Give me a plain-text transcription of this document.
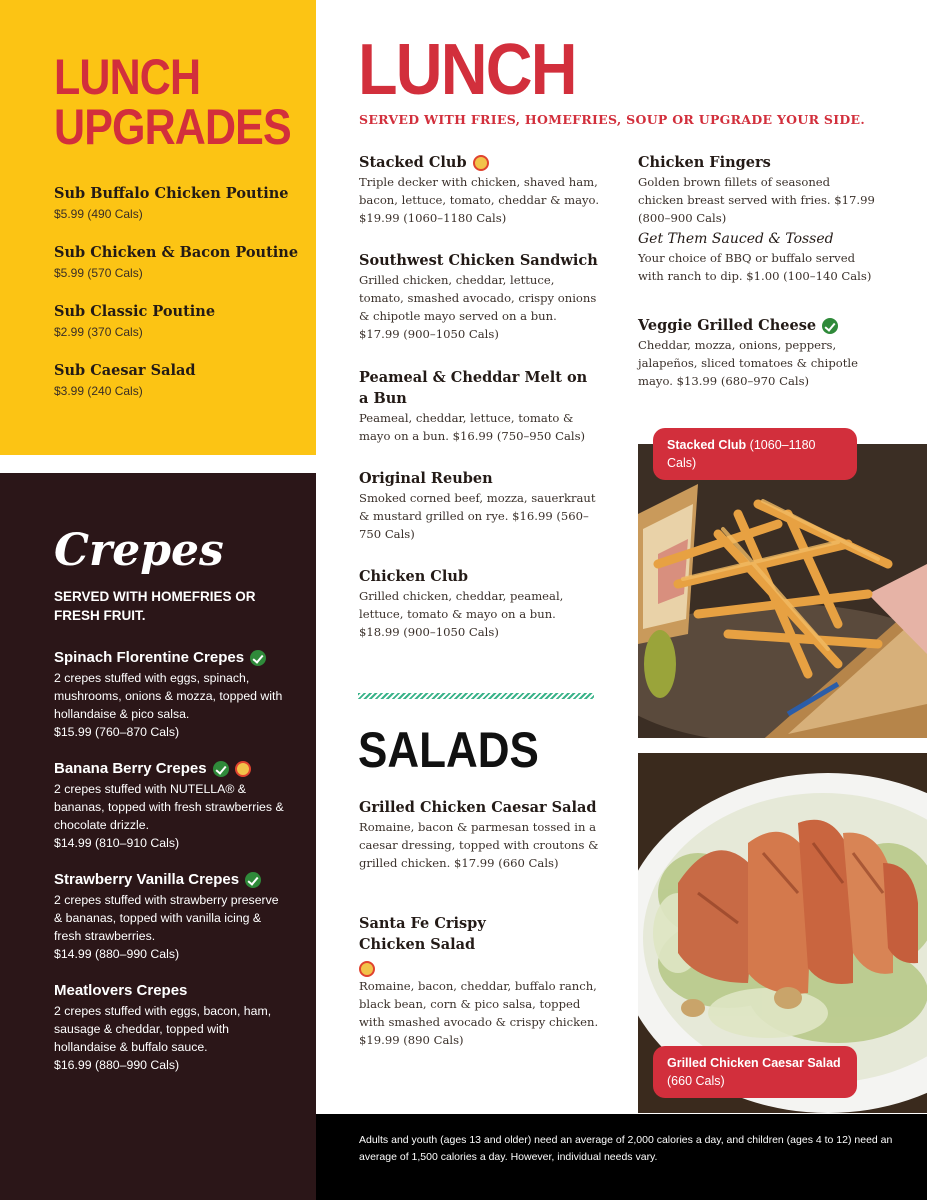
LUNCH UPGRADES
Sub Buffalo Chicken Poutine
$5.99 (490 Cals)
Sub Chicken & Bacon Poutine
$5.99 (570 Cals)
Sub Classic Poutine
$2.99 (370 Cals)
Sub Caesar Salad
$3.99 (240 Cals)
Crepes
SERVED WITH HOMEFRIES OR FRESH FRUIT.
Spinach Florentine Crepes
2 crepes stuffed with eggs, spinach, mushrooms, onions & mozza, topped with hollandaise & pico salsa.
$15.99 (760–870 Cals)
Banana Berry Crepes
2 crepes stuffed with NUTELLA® & bananas, topped with fresh strawberries & chocolate drizzle.
$14.99 (810–910 Cals)
Strawberry Vanilla Crepes
2 crepes stuffed with strawberry preserve & bananas, topped with vanilla icing & fresh strawberries.
$14.99 (880–990 Cals)
Meatlovers Crepes
2 crepes stuffed with eggs, bacon, ham, sausage & cheddar, topped with hollandaise & buffalo sauce.
$16.99 (880–990 Cals)
LUNCH
SERVED WITH FRIES, HOMEFRIES, SOUP OR UPGRADE YOUR SIDE.
Stacked Club
Triple decker with chicken, shaved ham, bacon, lettuce, tomato, cheddar & mayo. $19.99 (1060–1180 Cals)
Southwest Chicken Sandwich
Grilled chicken, cheddar, lettuce, tomato, smashed avocado, crispy onions & chipotle mayo served on a bun. $17.99 (900–1050 Cals)
Peameal & Cheddar Melt on a Bun
Peameal, cheddar, lettuce, tomato & mayo on a bun. $16.99 (750–950 Cals)
Original Reuben
Smoked corned beef, mozza, sauerkraut & mustard grilled on rye. $16.99 (560–750 Cals)
Chicken Club
Grilled chicken, cheddar, peameal, lettuce, tomato & mayo on a bun. $18.99 (900–1050 Cals)
Chicken Fingers
Golden brown fillets of seasoned chicken breast served with fries. $17.99 (800–900 Cals)
Get Them Sauced & Tossed
Your choice of BBQ or buffalo served with ranch to dip. $1.00 (100–140 Cals)
Veggie Grilled Cheese
Cheddar, mozza, onions, peppers, jalapeños, sliced tomatoes & chipotle mayo. $13.99 (680–970 Cals)
SALADS
Grilled Chicken Caesar Salad
Romaine, bacon & parmesan tossed in a caesar dressing, topped with croutons & grilled chicken. $17.99 (660 Cals)
Santa Fe Crispy Chicken Salad
Romaine, bacon, cheddar, buffalo ranch, black bean, corn & pico salsa, topped with smashed avocado & crispy chicken. $19.99 (890 Cals)
Stacked Club (1060–1180 Cals)
Grilled Chicken Caesar Salad
(660 Cals)
Adults and youth (ages 13 and older) need an average of 2,000 calories a day, and children (ages 4 to 12) need an average of 1,500 calories a day. However, individual needs vary.
